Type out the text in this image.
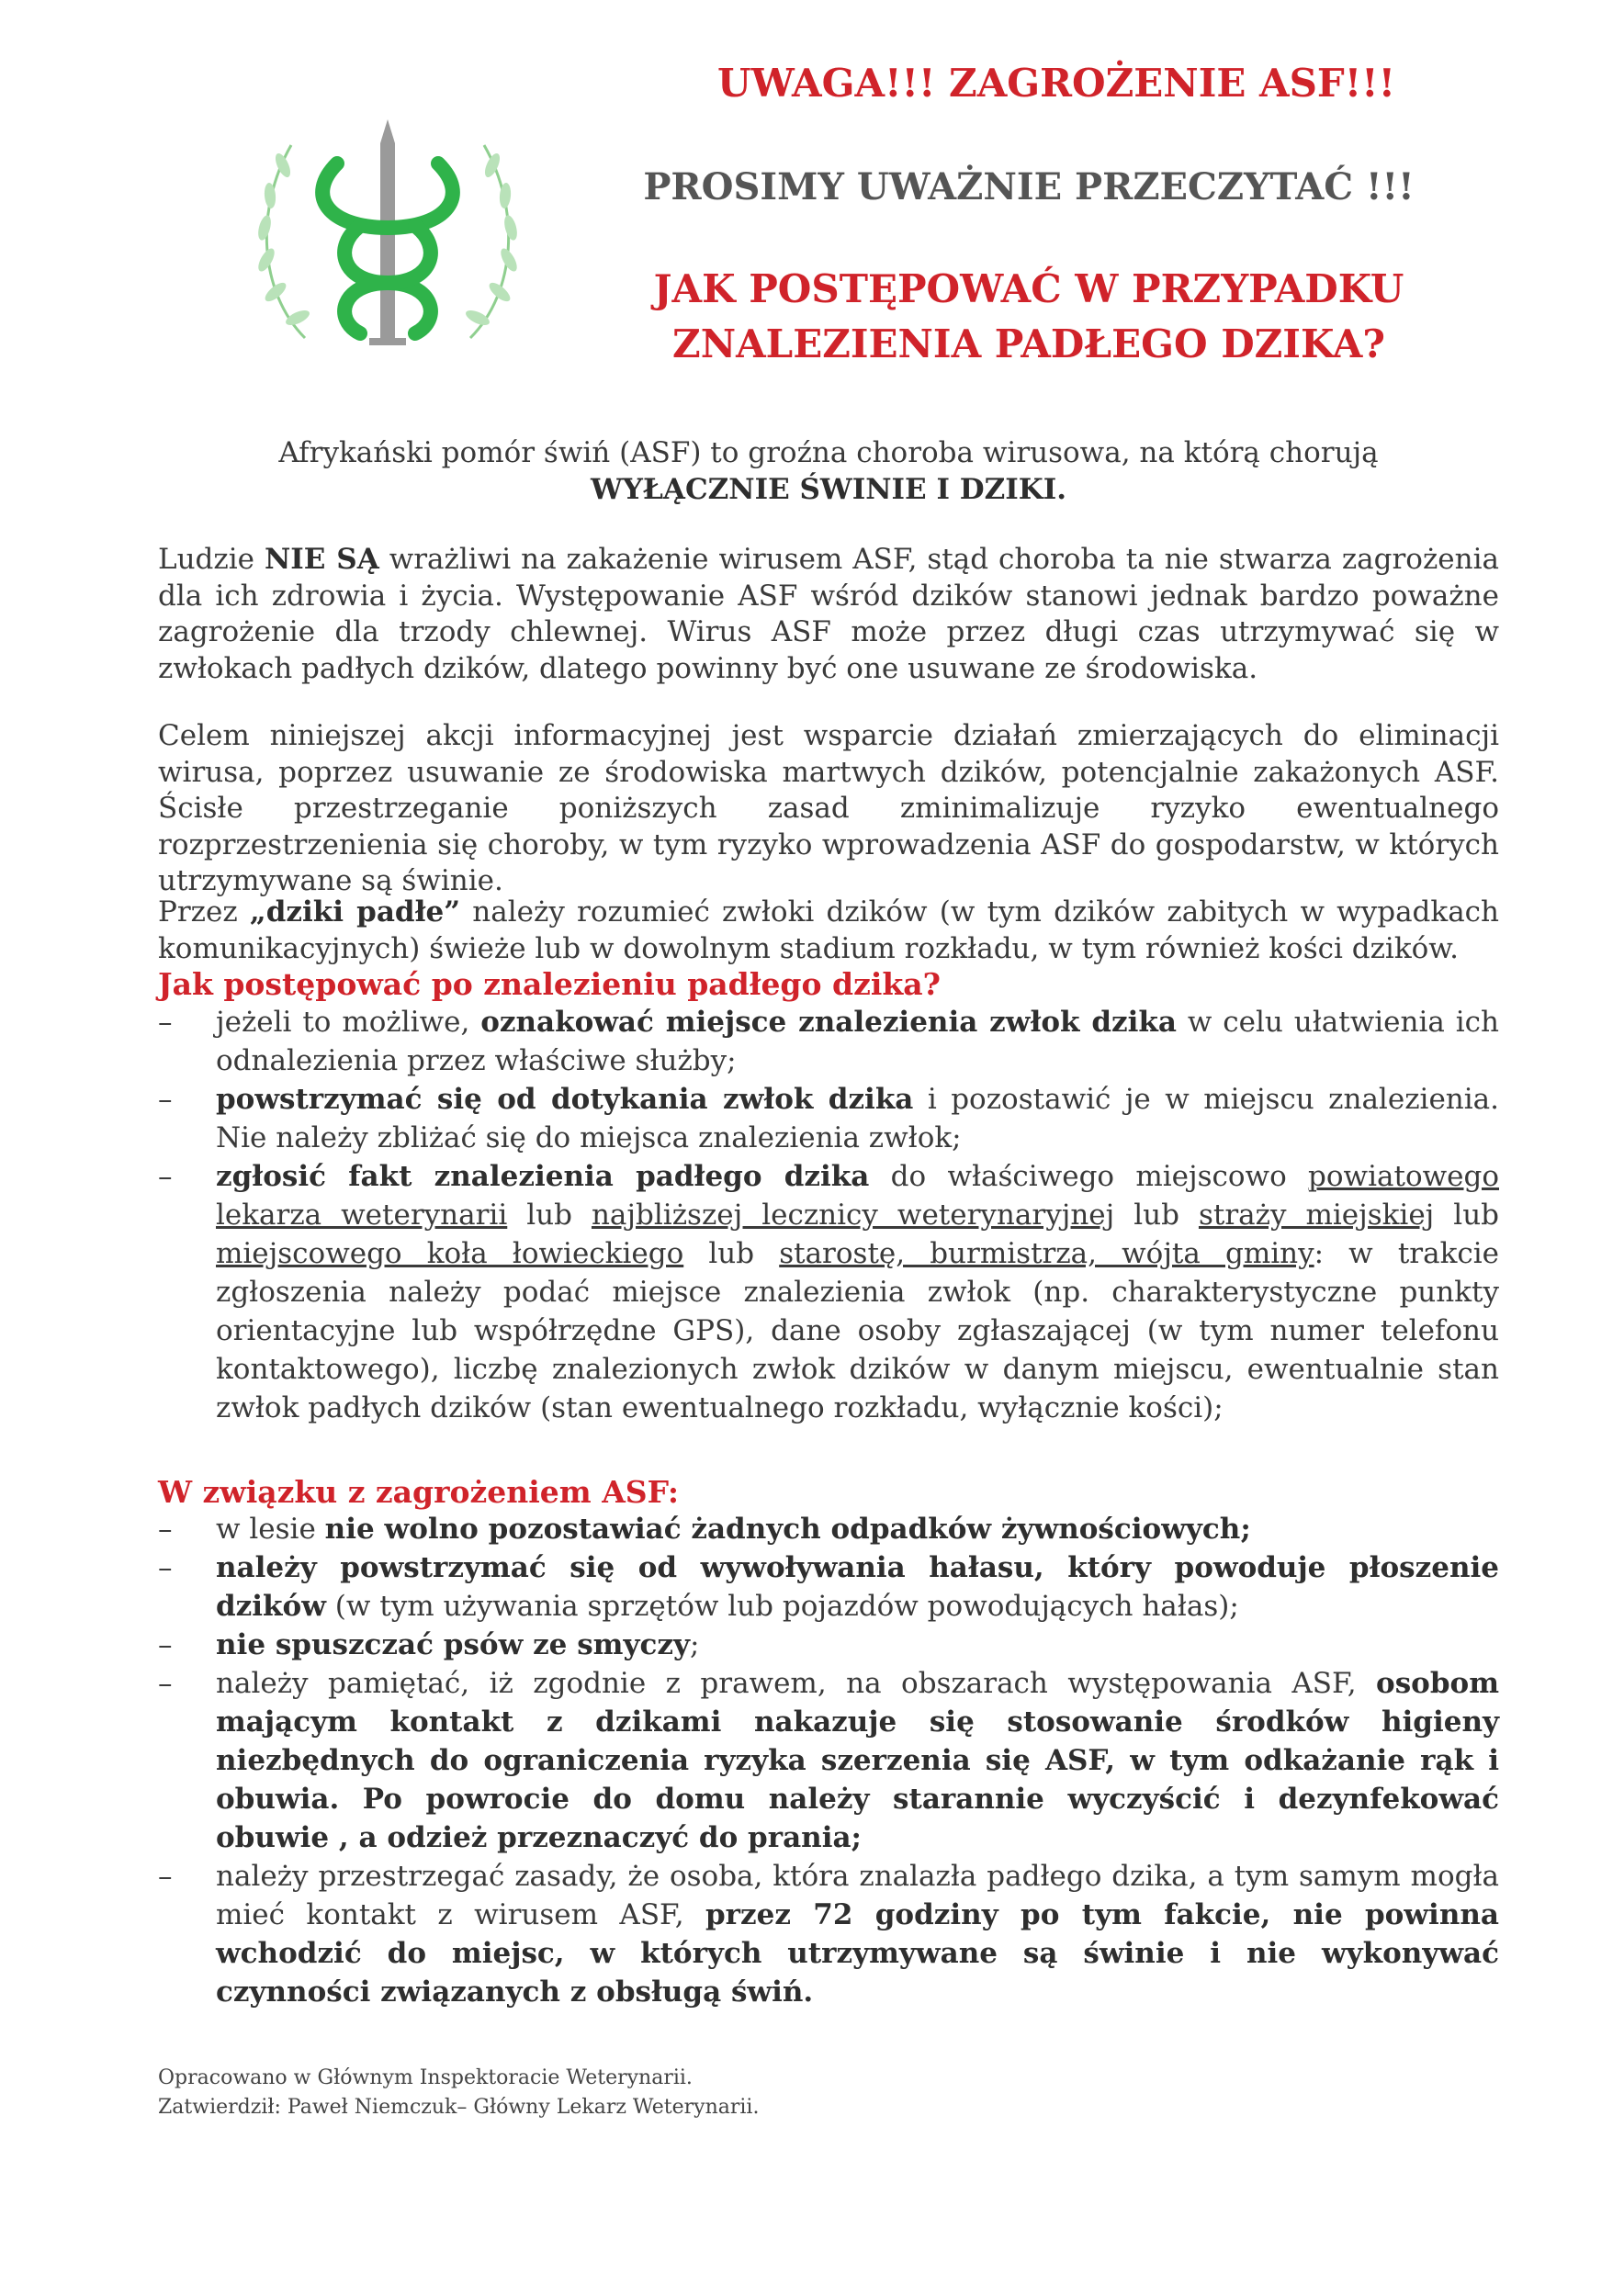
UWAGA!!! ZAGROŻENIE ASF!!!
PROSIMY UWAŻNIE PRZECZYTAĆ !!!
JAK POSTĘPOWAĆ W PRZYPADKU
ZNALEZIENIA PADŁEGO DZIKA?
Afrykański pomór świń (ASF) to groźna choroba wirusowa, na którą chorują
WYŁĄCZNIE ŚWINIE I DZIKI.
Ludzie NIE SĄ wrażliwi na zakażenie wirusem ASF, stąd choroba ta nie stwarza zagrożenia dla ich zdrowia i życia. Występowanie ASF wśród dzików stanowi jednak bardzo poważne zagrożenie dla trzody chlewnej. Wirus ASF może przez długi czas utrzymywać się w zwłokach padłych dzików, dlatego powinny być one usuwane ze środowiska.
Celem niniejszej akcji informacyjnej jest wsparcie działań zmierzających do eliminacji wirusa, poprzez usuwanie ze środowiska martwych dzików, potencjalnie zakażonych ASF. Ścisłe przestrzeganie poniższych zasad zminimalizuje ryzyko ewentualnego rozprzestrzenienia się choroby, w tym ryzyko wprowadzenia ASF do gospodarstw, w których utrzymywane są świnie.
Przez „dziki padłe” należy rozumieć zwłoki dzików (w tym dzików zabitych w wypadkach komunikacyjnych) świeże lub w dowolnym stadium rozkładu, w tym również kości dzików.
Jak postępować po znalezieniu padłego dzika?
– jeżeli to możliwe, oznakować miejsce znalezienia zwłok dzika w celu ułatwienia ich odnalezienia przez właściwe służby;
– powstrzymać się od dotykania zwłok dzika i pozostawić je w miejscu znalezienia. Nie należy zbliżać się do miejsca znalezienia zwłok;
– zgłosić fakt znalezienia padłego dzika do właściwego miejscowo powiatowego lekarza weterynarii lub najbliższej lecznicy weterynaryjnej lub straży miejskiej lub miejscowego koła łowieckiego lub starostę, burmistrza, wójta gminy: w trakcie zgłoszenia należy podać miejsce znalezienia zwłok (np. charakterystyczne punkty orientacyjne lub współrzędne GPS), dane osoby zgłaszającej (w tym numer telefonu kontaktowego), liczbę znalezionych zwłok dzików w danym miejscu, ewentualnie stan zwłok padłych dzików (stan ewentualnego rozkładu, wyłącznie kości);
W związku z zagrożeniem ASF:
– w lesie nie wolno pozostawiać żadnych odpadków żywnościowych;
– należy powstrzymać się od wywoływania hałasu, który powoduje płoszenie dzików (w tym używania sprzętów lub pojazdów powodujących hałas);
– nie spuszczać psów ze smyczy;
– należy pamiętać, iż zgodnie z prawem, na obszarach występowania ASF, osobom mającym kontakt z dzikami nakazuje się stosowanie środków higieny niezbędnych do ograniczenia ryzyka szerzenia się ASF, w tym odkażanie rąk i obuwia. Po powrocie do domu należy starannie wyczyścić i dezynfekować obuwie , a odzież przeznaczyć do prania;
– należy przestrzegać zasady, że osoba, która znalazła padłego dzika, a tym samym mogła mieć kontakt z wirusem ASF, przez 72 godziny po tym fakcie, nie powinna wchodzić do miejsc, w których utrzymywane są świnie i nie wykonywać czynności związanych z obsługą świń.
Opracowano w Głównym Inspektoracie Weterynarii.
Zatwierdził: Paweł Niemczuk– Główny Lekarz Weterynarii.
